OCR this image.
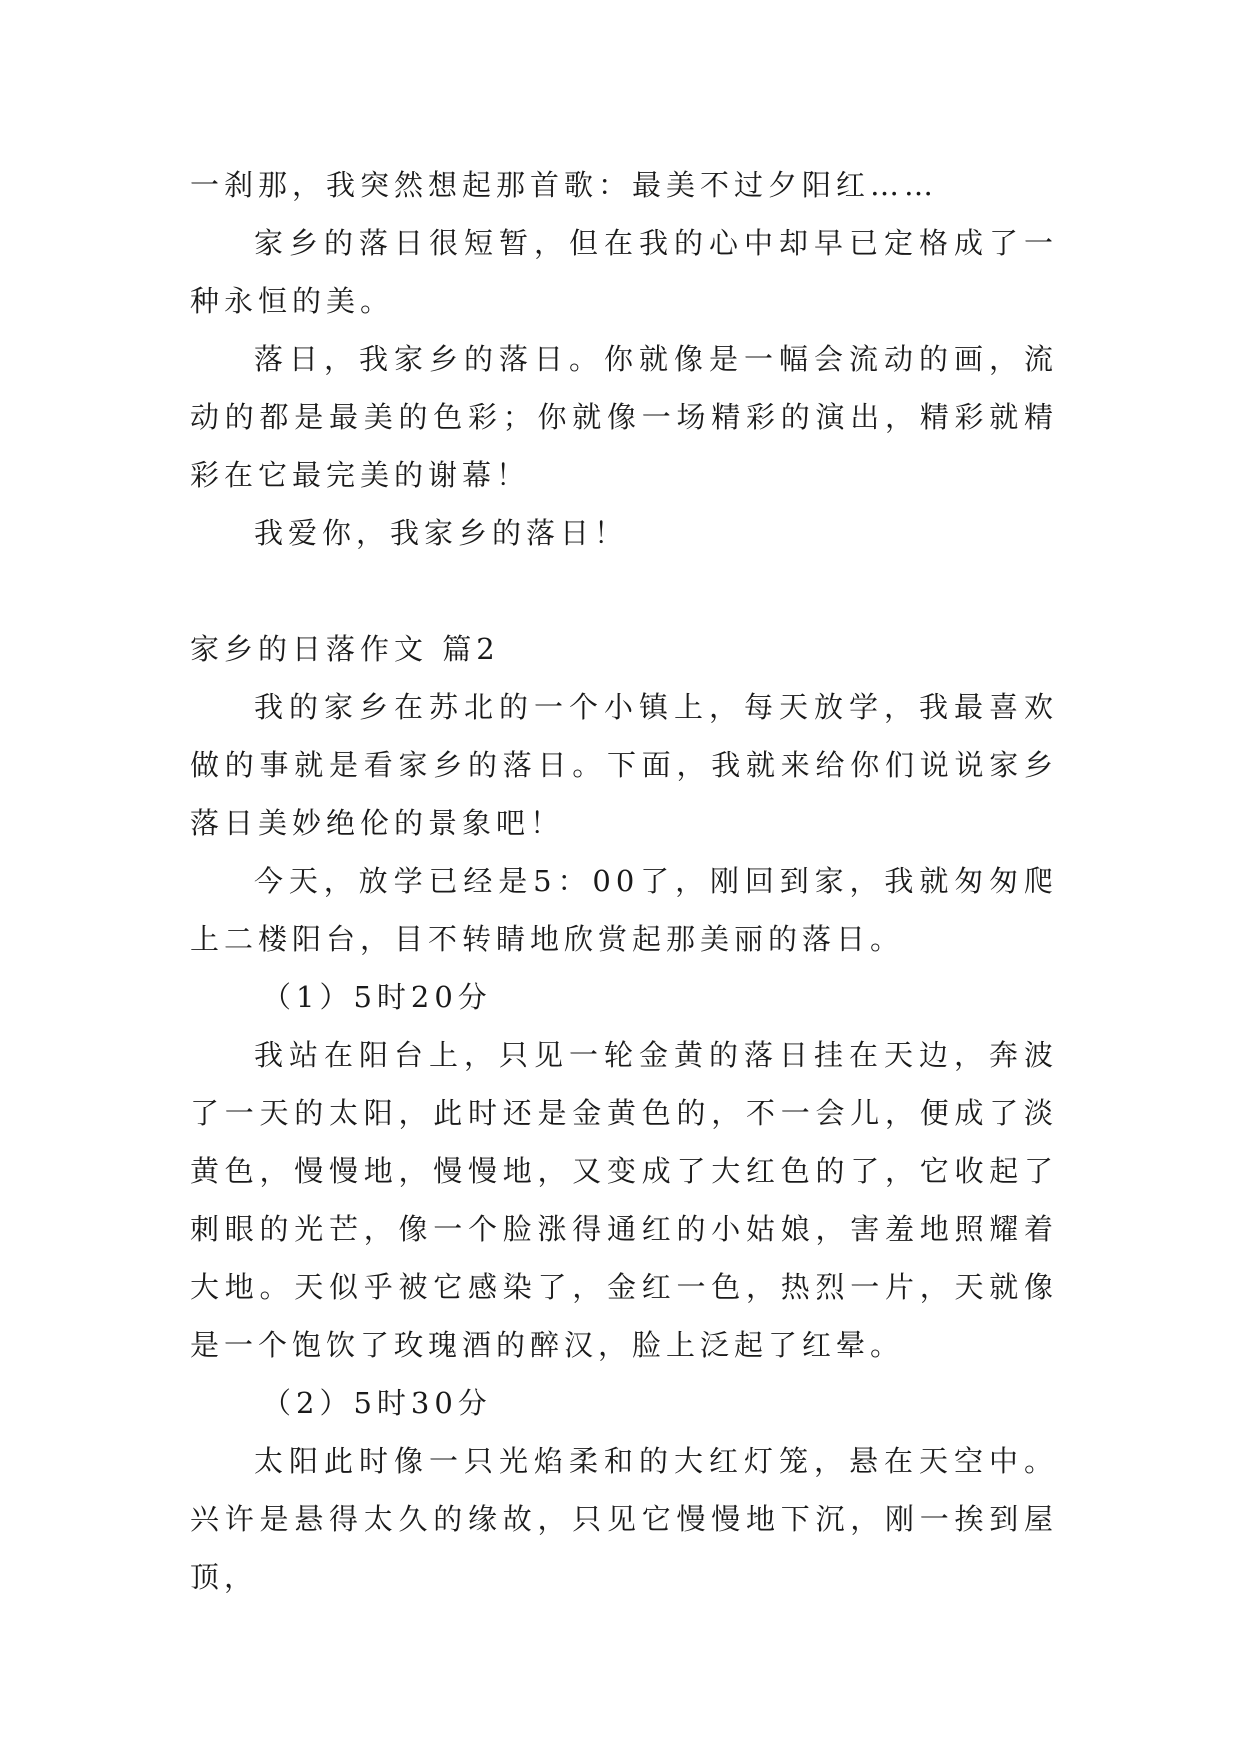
一刹那，我突然想起那首歌：最美不过夕阳红……

家乡的落日很短暂，但在我的心中却早已定格成了一种永恒的美。

落日，我家乡的落日。你就像是一幅会流动的画，流动的都是最美的色彩；你就像一场精彩的演出，精彩就精彩在它最完美的谢幕！

我爱你，我家乡的落日！

家乡的日落作文 篇2

我的家乡在苏北的一个小镇上，每天放学，我最喜欢做的事就是看家乡的落日。下面，我就来给你们说说家乡落日美妙绝伦的景象吧！

今天，放学已经是5：00了，刚回到家，我就匆匆爬上二楼阳台，目不转睛地欣赏起那美丽的落日。

（1）5时20分

我站在阳台上，只见一轮金黄的落日挂在天边，奔波了一天的太阳，此时还是金黄色的，不一会儿，便成了淡黄色，慢慢地，慢慢地，又变成了大红色的了，它收起了刺眼的光芒，像一个脸涨得通红的小姑娘，害羞地照耀着大地。天似乎被它感染了，金红一色，热烈一片，天就像是一个饱饮了玫瑰酒的醉汉，脸上泛起了红晕。

（2）5时30分

太阳此时像一只光焰柔和的大红灯笼，悬在天空中。兴许是悬得太久的缘故，只见它慢慢地下沉，刚一挨到屋顶，
